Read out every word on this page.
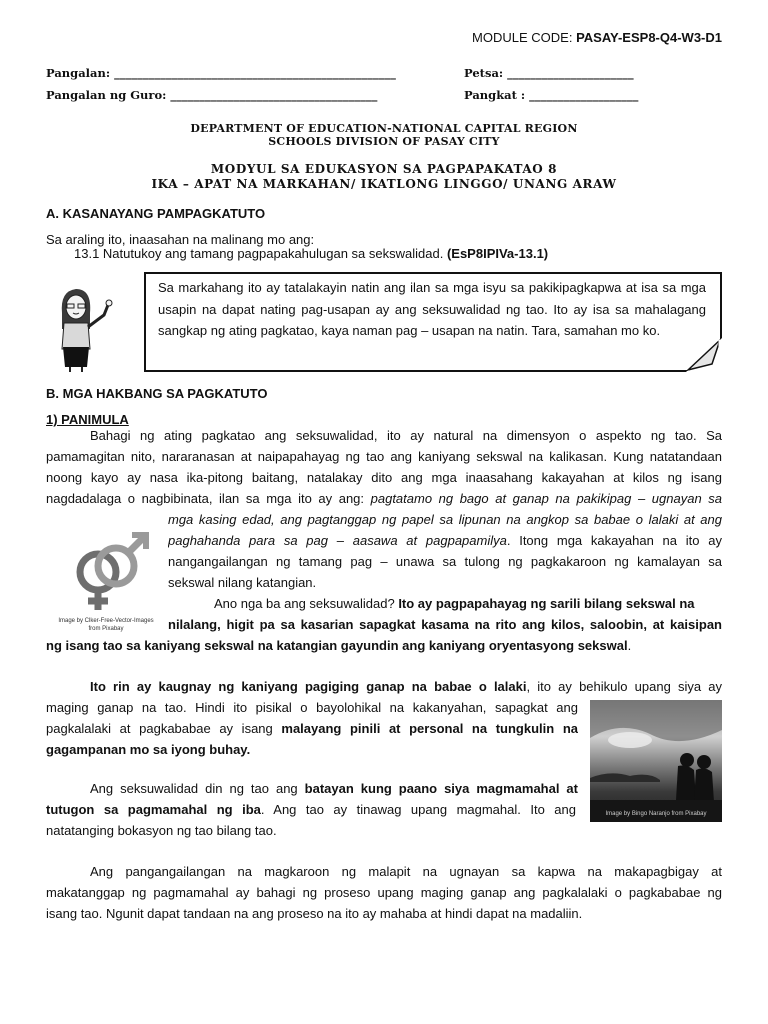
MODULE CODE: PASAY-ESP8-Q4-W3-D1
Pangalan: _________________________________________________	Petsa: ______________________
Pangalan ng Guro: ____________________________________	Pangkat : ___________________
DEPARTMENT OF EDUCATION-NATIONAL CAPITAL REGION
SCHOOLS DIVISION OF PASAY CITY
MODYUL SA EDUKASYON SA PAGPAPAKATAO 8
IKA – APAT NA MARKAHAN/ IKATLONG LINGGO/ UNANG ARAW
A. KASANAYANG PAMPAGKATUTO
Sa araling ito, inaasahan na malinang mo ang:
13.1 Natutukoy ang tamang pagpapakahulugan sa sekswalidad. (EsP8IPIVa-13.1)
Sa markahang ito ay tatalakayin natin ang ilan sa mga isyu sa pakikipagkapwa at isa sa mga usapin na dapat nating pag-usapan ay ang seksuwalidad ng tao. Ito ay isa sa mahalagang sangkap ng ating pagkatao, kaya naman pag – usapan na natin. Tara, samahan mo ko.
B. MGA HAKBANG SA PAGKATUTO
1) PANIMULA
Bahagi ng ating pagkatao ang seksuwalidad, ito ay natural na dimensyon o aspekto ng tao. Sa
pamamagitan nito, nararanasan at naipapahayag ng tao ang kaniyang sekswal na kalikasan. Kung natatandaan
noong kayo ay nasa ika-pitong baitang, natalakay dito ang mga inaasahang kakayahan at kilos ng isang
nagdadalaga o nagbibinata, ilan sa mga ito ay ang: pagtatamo ng bago at ganap na pakikipag – ugnayan sa
mga kasing edad, ang pagtanggap ng papel sa lipunan na angkop sa babae o lalaki at ang
paghahanda para sa pag – aasawa at pagpapamilya. Itong mga kakayahan na ito ay
nangangailangan ng tamang pag – unawa sa tulong ng pagkakaroon ng kamalayan sa
sekswal nilang katangian.
Image by Clker-Free-Vector-Images from Pixabay
Ano nga ba ang seksuwalidad? Ito ay pagpapahayag ng sarili bilang sekswal na
nilalang, higit pa sa kasarian sapagkat kasama na rito ang kilos, saloobin, at kaisipan
ng isang tao sa kaniyang sekswal na katangian gayundin ang kaniyang oryentasyong sekswal.
Ito rin ay kaugnay ng kaniyang pagiging ganap na babae o lalaki, ito ay behikulo upang siya ay
maging ganap na tao. Hindi ito pisikal o bayolohikal na kakanyahan, sapagkat ang
pagkalalaki at pagkababae ay isang malayang pinili at personal na tungkulin na
gagampanan mo sa iyong buhay.
Image by Bingo Naranjo from Pixabay
Ang seksuwalidad din ng tao ang batayan kung paano siya magmamahal at
tutugon sa pagmamahal ng iba. Ang tao ay tinawag upang magmahal. Ito ang
natatanging bokasyon ng tao bilang tao.
Ang pangangailangan na magkaroon ng malapit na ugnayan sa kapwa na makapagbigay at
makatanggap ng pagmamahal ay bahagi ng proseso upang maging ganap ang pagkalalaki o pagkababae ng
isang tao. Ngunit dapat tandaan na ang proseso na ito ay mahaba at hindi dapat na madaliin.
